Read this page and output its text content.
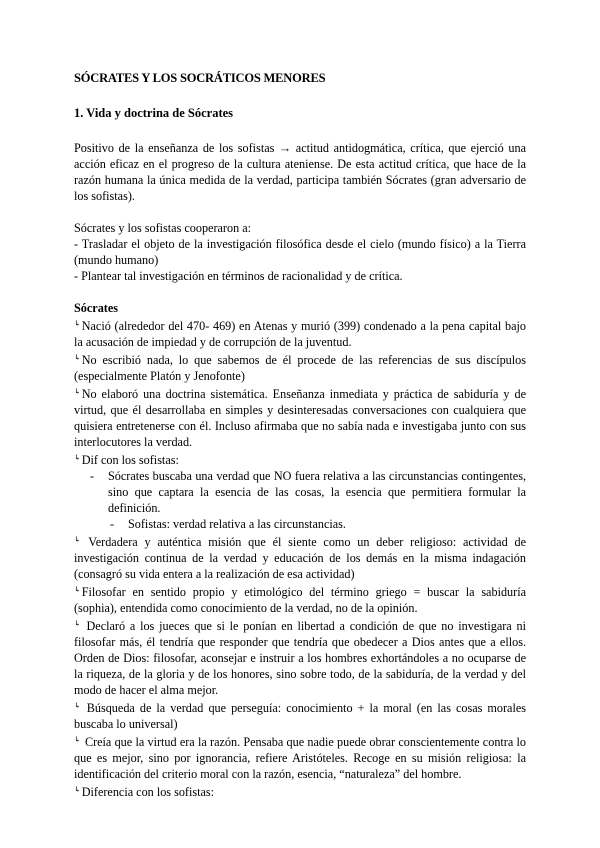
SÓCRATES Y LOS SOCRÁTICOS MENORES
1. Vida y doctrina de Sócrates

Positivo de la enseñanza de los sofistas → actitud antidogmática, crítica, que ejerció una acción eficaz en el progreso de la cultura ateniense. De esta actitud crítica, que hace de la razón humana la única medida de la verdad, participa también Sócrates (gran adversario de los sofistas).

Sócrates y los sofistas cooperaron a:

- Trasladar el objeto de la investigación filosófica desde el cielo (mundo físico) a la Tierra (mundo humano)

- Plantear tal investigación en términos de racionalidad y de crítica.

Sócrates

↳Nació (alrededor del 470- 469) en Atenas y murió (399) condenado a la pena capital bajo la acusación de impiedad y de corrupción de la juventud.

↳No escribió nada, lo que sabemos de él procede de las referencias de sus discípulos (especialmente Platón y Jenofonte)

↳No elaboró una doctrina sistemática. Enseñanza inmediata y práctica de sabiduría y de virtud, que él desarrollaba en simples y desinteresadas conversaciones con cualquiera que quisiera entretenerse con él. Incluso afirmaba que no sabía nada e investigaba junto con sus interlocutores la verdad.

↳Dif con los sofistas:

- Sócrates buscaba una verdad que NO fuera relativa a las circunstancias contingentes, sino que captara la esencia de las cosas, la esencia que permitiera formular la definición.
- Sofistas: verdad relativa a las circunstancias.

↳ Verdadera y auténtica misión que él siente como un deber religioso: actividad de investigación continua de la verdad y educación de los demás en la misma indagación (consagró su vida entera a la realización de esa actividad)

↳Filosofar en sentido propio y etimológico del término griego = buscar la sabiduría (sophia), entendida como conocimiento de la verdad, no de la opinión.

↳ Declaró a los jueces que si le ponían en libertad a condición de que no investigara ni filosofar más, él tendría que responder que tendría que obedecer a Dios antes que a ellos. Orden de Dios: filosofar, aconsejar e instruir a los hombres exhortándoles a no ocuparse de la riqueza, de la gloria y de los honores, sino sobre todo, de la sabiduría, de la verdad y del modo de hacer el alma mejor.

↳ Búsqueda de la verdad que perseguía: conocimiento + la moral (en las cosas morales buscaba lo universal)

↳ Creía que la virtud era la razón. Pensaba que nadie puede obrar conscientemente contra lo que es mejor, sino por ignorancia, refiere Aristóteles. Recoge en su misión religiosa: la identificación del criterio moral con la razón, esencia, “naturaleza” del hombre.

↳Diferencia con los sofistas:
